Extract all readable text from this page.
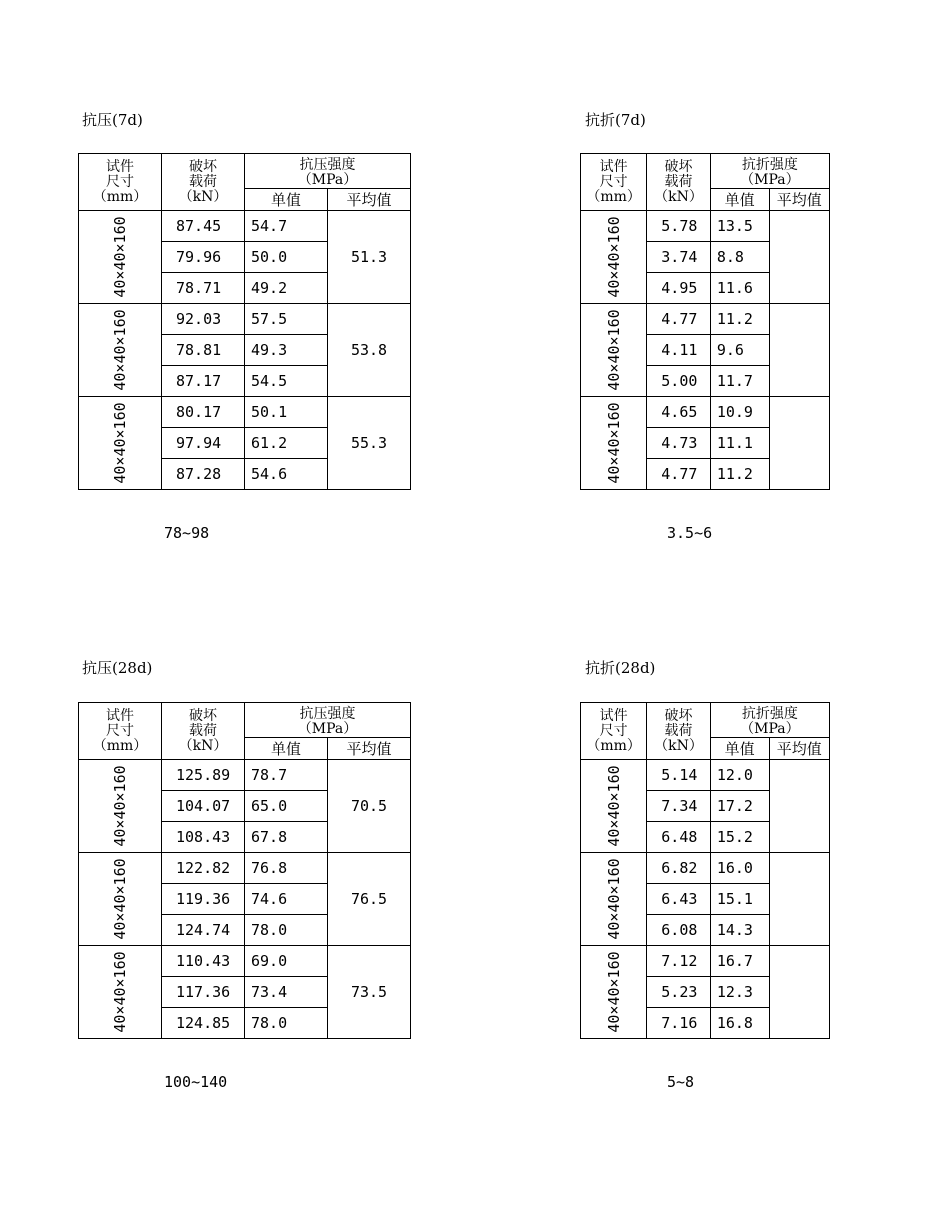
抗压(7d)
试件
尺寸
（mm）	破坏
载荷
（kN）	抗压强度
（MPa）	
		单值	平均值

40×40×160	87.45	54.7	51.3
	79.96	50.0	
	78.71	49.2	

40×40×160	92.03	57.5	53.8
	78.81	49.3	
	87.17	54.5	

40×40×160	80.17	50.1	55.3
	97.94	61.2	
	87.28	54.6	
78~98
抗折(7d)
试件
尺寸
（mm）	破坏
载荷
（kN）	抗折强度
（MPa）	
		单值	平均值

40×40×160	5.78	13.5	
	3.74	8.8	
	4.95	11.6	

40×40×160	4.77	11.2	
	4.11	9.6	
	5.00	11.7	

40×40×160	4.65	10.9	
	4.73	11.1	
	4.77	11.2	
3.5~6
抗压(28d)
试件
尺寸
（mm）	破坏
载荷
（kN）	抗压强度
（MPa）	
		单值	平均值

40×40×160	125.89	78.7	70.5
	104.07	65.0	
	108.43	67.8	

40×40×160	122.82	76.8	76.5
	119.36	74.6	
	124.74	78.0	

40×40×160	110.43	69.0	73.5
	117.36	73.4	
	124.85	78.0	
100~140
抗折(28d)
试件
尺寸
（mm）	破坏
载荷
（kN）	抗折强度
（MPa）	
		单值	平均值

40×40×160	5.14	12.0	
	7.34	17.2	
	6.48	15.2	

40×40×160	6.82	16.0	
	6.43	15.1	
	6.08	14.3	

40×40×160	7.12	16.7	
	5.23	12.3	
	7.16	16.8	
5~8
